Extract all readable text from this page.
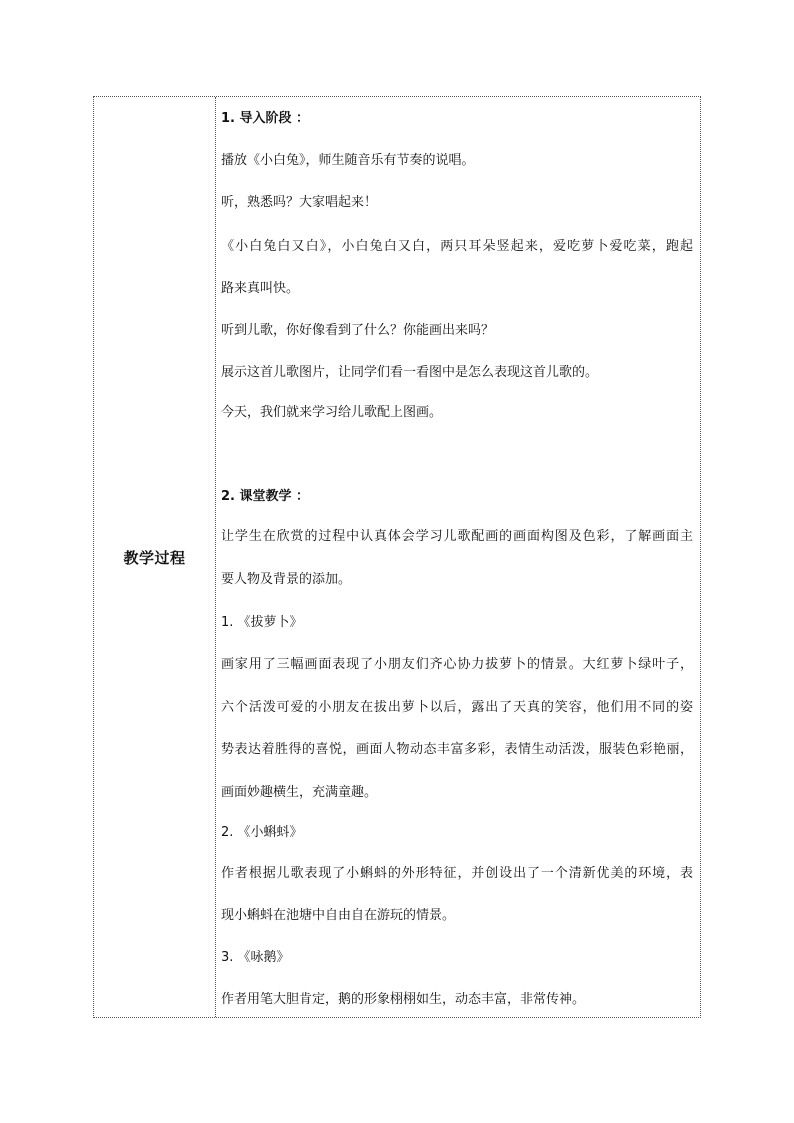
教学过程
1. 导入阶段 ：
播放《小白兔》，师生随音乐有节奏的说唱。
听，熟悉吗？大家唱起来！
《小白兔白又白》，小白兔白又白，两只耳朵竖起来，爱吃萝卜爱吃菜，跑起
路来真叫快。
听到儿歌，你好像看到了什么？你能画出来吗？
展示这首儿歌图片，让同学们看一看图中是怎么表现这首儿歌的。
今天，我们就来学习给儿歌配上图画。
2. 课堂教学 ：
让学生在欣赏的过程中认真体会学习儿歌配画的画面构图及色彩，了解画面主
要人物及背景的添加。
1. 《拔萝卜》
画家用了三幅画面表现了小朋友们齐心协力拔萝卜的情景。大红萝卜绿叶子，
六个活泼可爱的小朋友在拔出萝卜以后，露出了天真的笑容，他们用不同的姿
势表达着胜得的喜悦，画面人物动态丰富多彩，表情生动活泼，服装色彩艳丽，
画面妙趣横生，充满童趣。
2. 《小蝌蚪》
作者根据儿歌表现了小蝌蚪的外形特征，并创设出了一个清新优美的环境，表
现小蝌蚪在池塘中自由自在游玩的情景。
3. 《咏鹅》
作者用笔大胆肯定，鹅的形象栩栩如生，动态丰富，非常传神。
